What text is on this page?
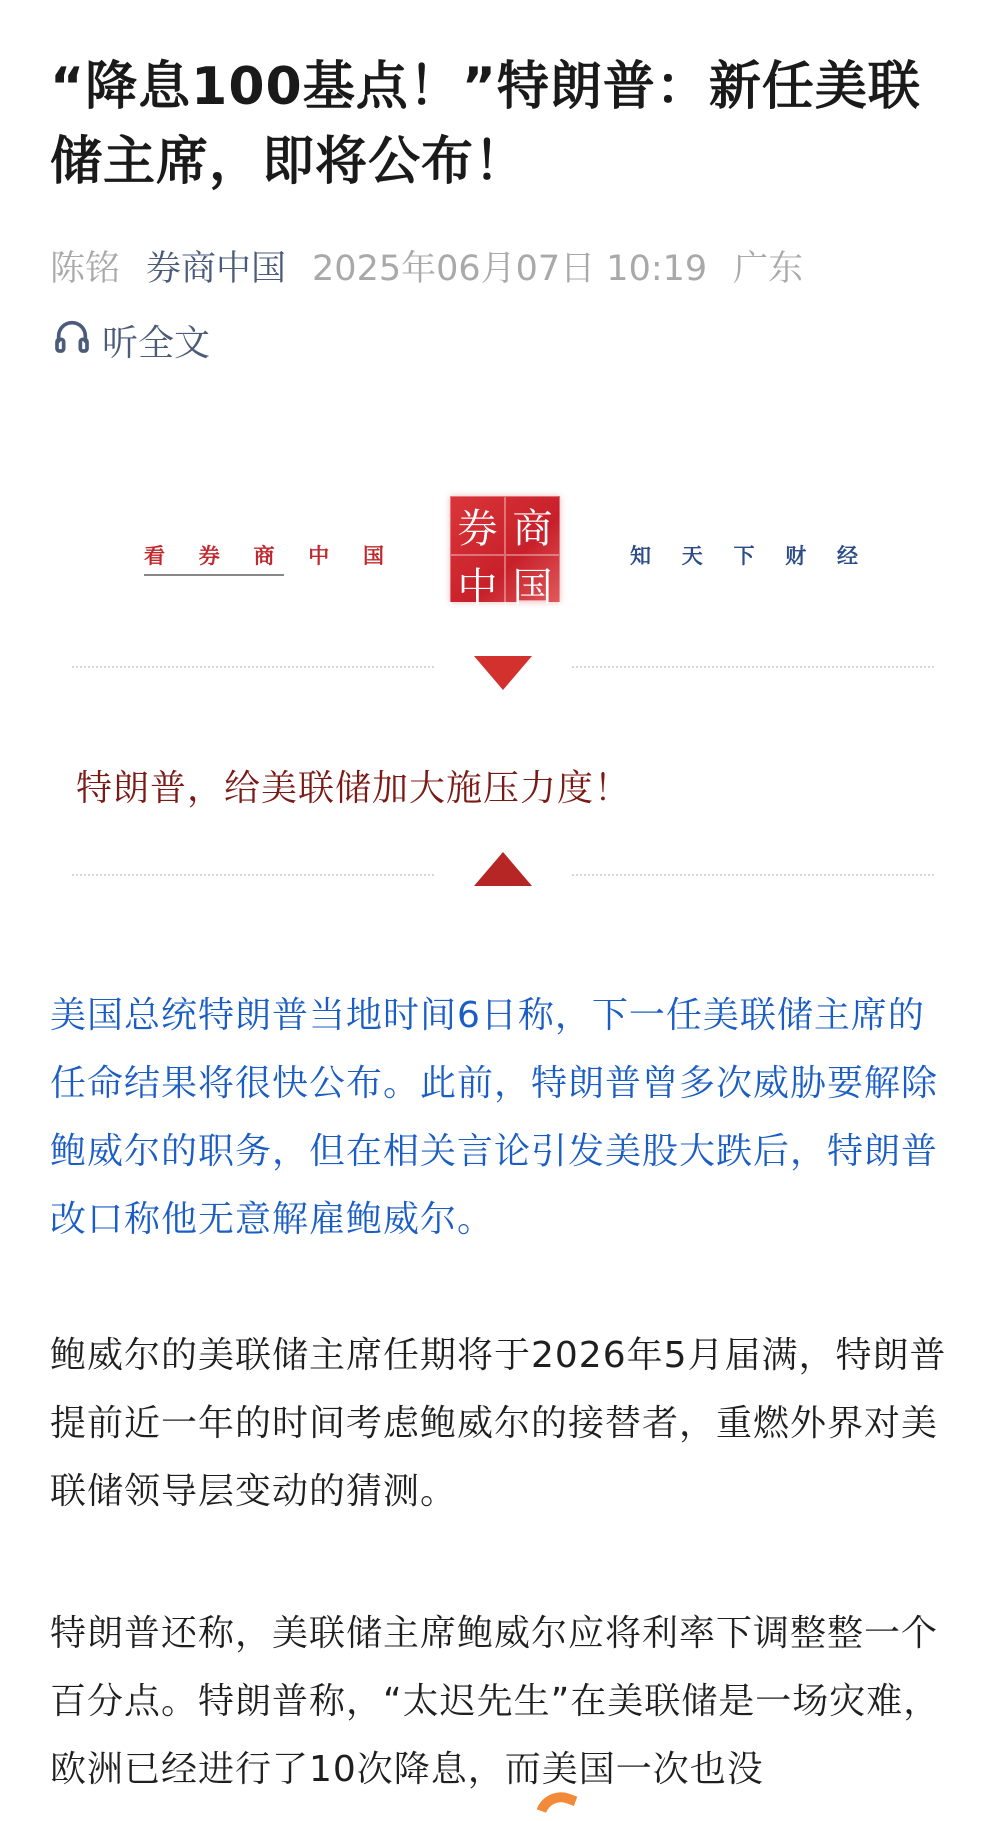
“降息100基点！”特朗普：新任美联储主席，即将公布！
陈铭 券商中国 2025年06月07日 10:19 广东
听全文
看 券 商 中 国
券 商
中 国
知 天 下 财 经
特朗普，给美联储加大施压力度！

美国总统特朗普当地时间6日称，下一任美联储主席的任命结果将很快公布。此前，特朗普曾多次威胁要解除鲍威尔的职务，但在相关言论引发美股大跌后，特朗普改口称他无意解雇鲍威尔。

鲍威尔的美联储主席任期将于2026年5月届满，特朗普提前近一年的时间考虑鲍威尔的接替者，重燃外界对美联储领导层变动的猜测。

特朗普还称，美联储主席鲍威尔应将利率下调整整一个百分点。特朗普称，“太迟先生”在美联储是一场灾难，欧洲已经进行了10次降息，而美国一次也没
